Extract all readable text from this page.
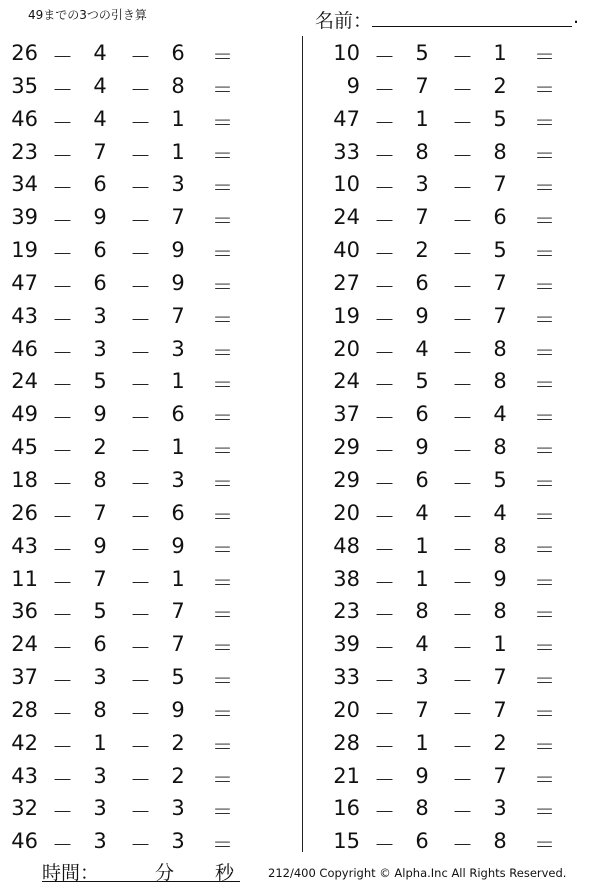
49までの3つの引き算	名前：	.
26 － 4 － 6 ＝
35 － 4 － 8 ＝
46 － 4 － 1 ＝
23 － 7 － 1 ＝
34 － 6 － 3 ＝
39 － 9 － 7 ＝
19 － 6 － 9 ＝
47 － 6 － 9 ＝
43 － 3 － 7 ＝
46 － 3 － 3 ＝
24 － 5 － 1 ＝
49 － 9 － 6 ＝
45 － 2 － 1 ＝
18 － 8 － 3 ＝
26 － 7 － 6 ＝
43 － 9 － 9 ＝
11 － 7 － 1 ＝
36 － 5 － 7 ＝
24 － 6 － 7 ＝
37 － 3 － 5 ＝
28 － 8 － 9 ＝
42 － 1 － 2 ＝
43 － 3 － 2 ＝
32 － 3 － 3 ＝
46 － 3 － 3 ＝
10 － 5 － 1 ＝
9 － 7 － 2 ＝
47 － 1 － 5 ＝
33 － 8 － 8 ＝
10 － 3 － 7 ＝
24 － 7 － 6 ＝
40 － 2 － 5 ＝
27 － 6 － 7 ＝
19 － 9 － 7 ＝
20 － 4 － 8 ＝
24 － 5 － 8 ＝
37 － 6 － 4 ＝
29 － 9 － 8 ＝
29 － 6 － 5 ＝
20 － 4 － 4 ＝
48 － 1 － 8 ＝
38 － 1 － 9 ＝
23 － 8 － 8 ＝
39 － 4 － 1 ＝
33 － 3 － 7 ＝
20 － 7 － 7 ＝
28 － 1 － 2 ＝
21 － 9 － 7 ＝
16 － 8 － 3 ＝
15 － 6 － 8 ＝
時間：	分 秒	212/400 Copyright © Alpha.Inc All Rights Reserved.
